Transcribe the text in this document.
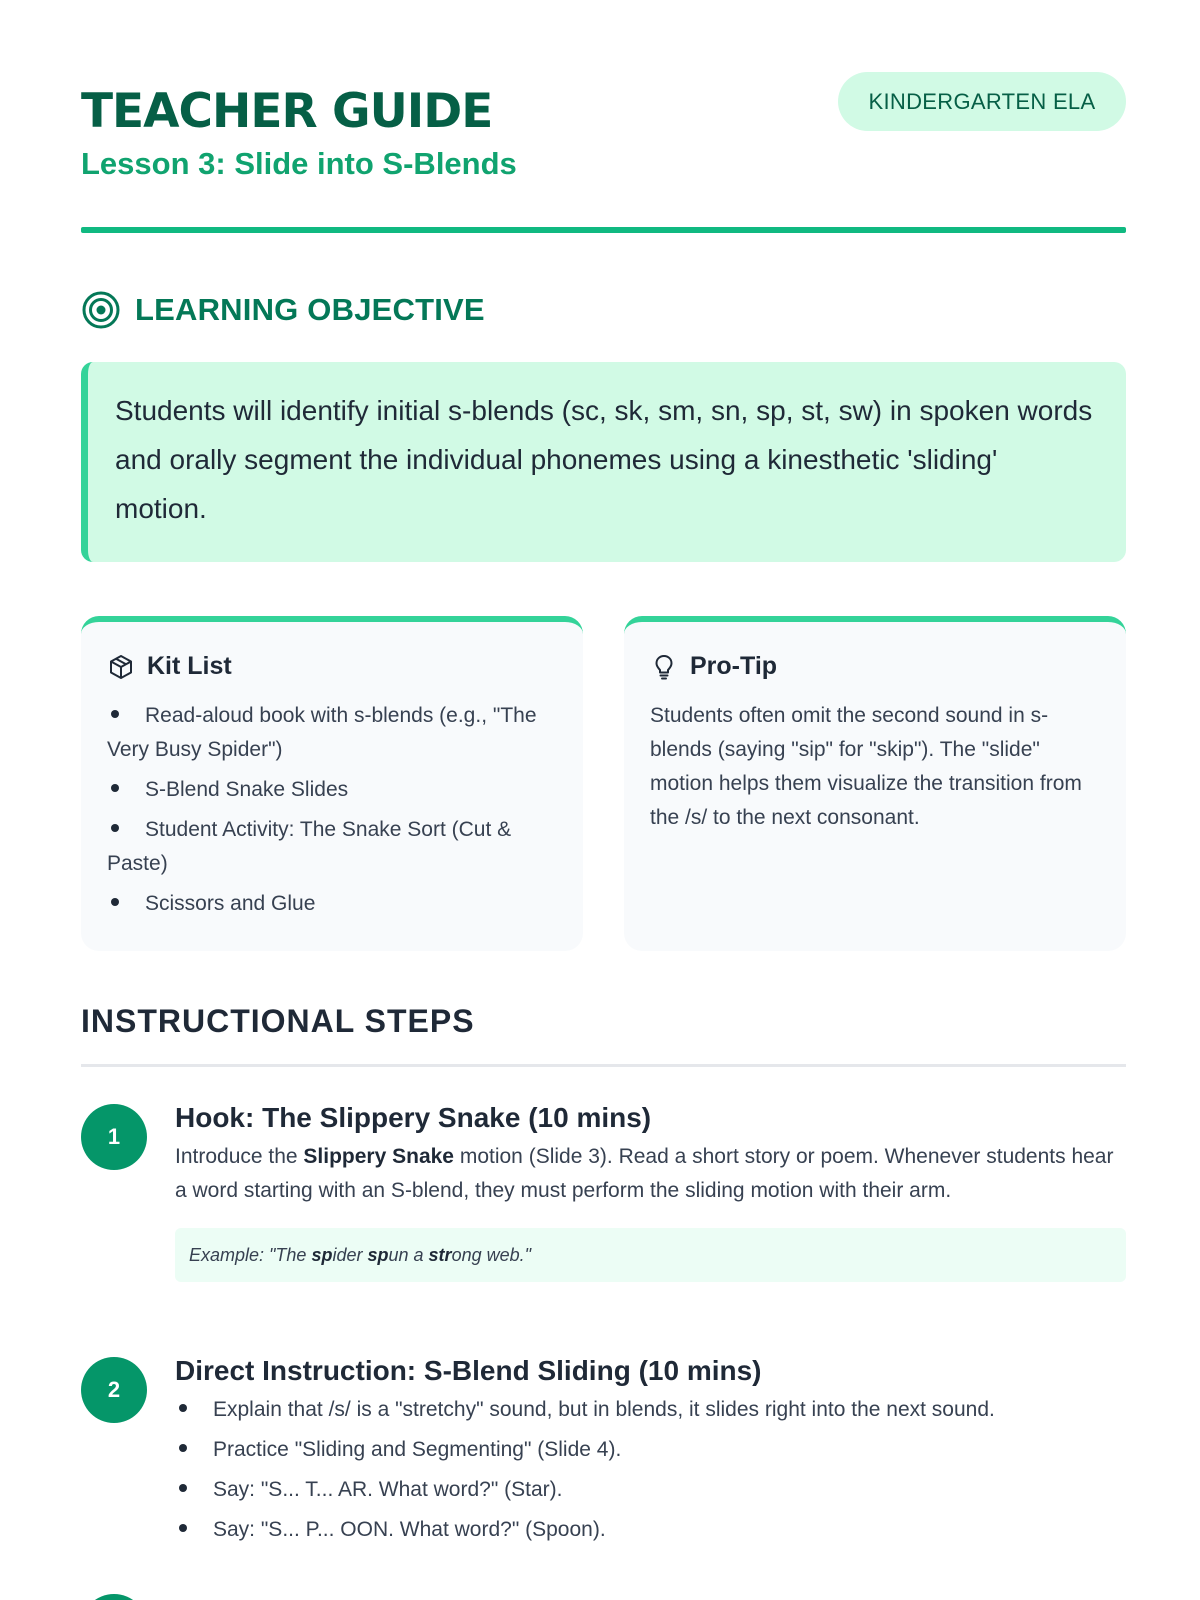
TEACHER GUIDE
Lesson 3: Slide into S-Blends
KINDERGARTEN ELA
LEARNING OBJECTIVE

Students will identify initial s-blends (sc, sk, sm, sn, sp, st, sw) in spoken words and orally segment the individual phonemes using a kinesthetic 'sliding' motion.

Kit List
Read-aloud book with s-blends (e.g., "The Very Busy Spider")
S-Blend Snake Slides
Student Activity: The Snake Sort (Cut & Paste)
Scissors and Glue
Pro-Tip

Students often omit the second sound in s-blends (saying "sip" for "skip"). The "slide" motion helps them visualize the transition from the /s/ to the next consonant.

INSTRUCTIONAL STEPS
1
Hook: The Slippery Snake (10 mins)
Introduce the Slippery Snake motion (Slide 3). Read a short story or poem. Whenever students hear a word starting with an S-blend, they must perform the sliding motion with their arm.
Example: "The spider spun a strong web."
2
Direct Instruction: S-Blend Sliding (10 mins)
Explain that /s/ is a "stretchy" sound, but in blends, it slides right into the next sound.
Practice "Sliding and Segmenting" (Slide 4).
Say: "S... T... AR. What word?" (Star).
Say: "S... P... OON. What word?" (Spoon).
